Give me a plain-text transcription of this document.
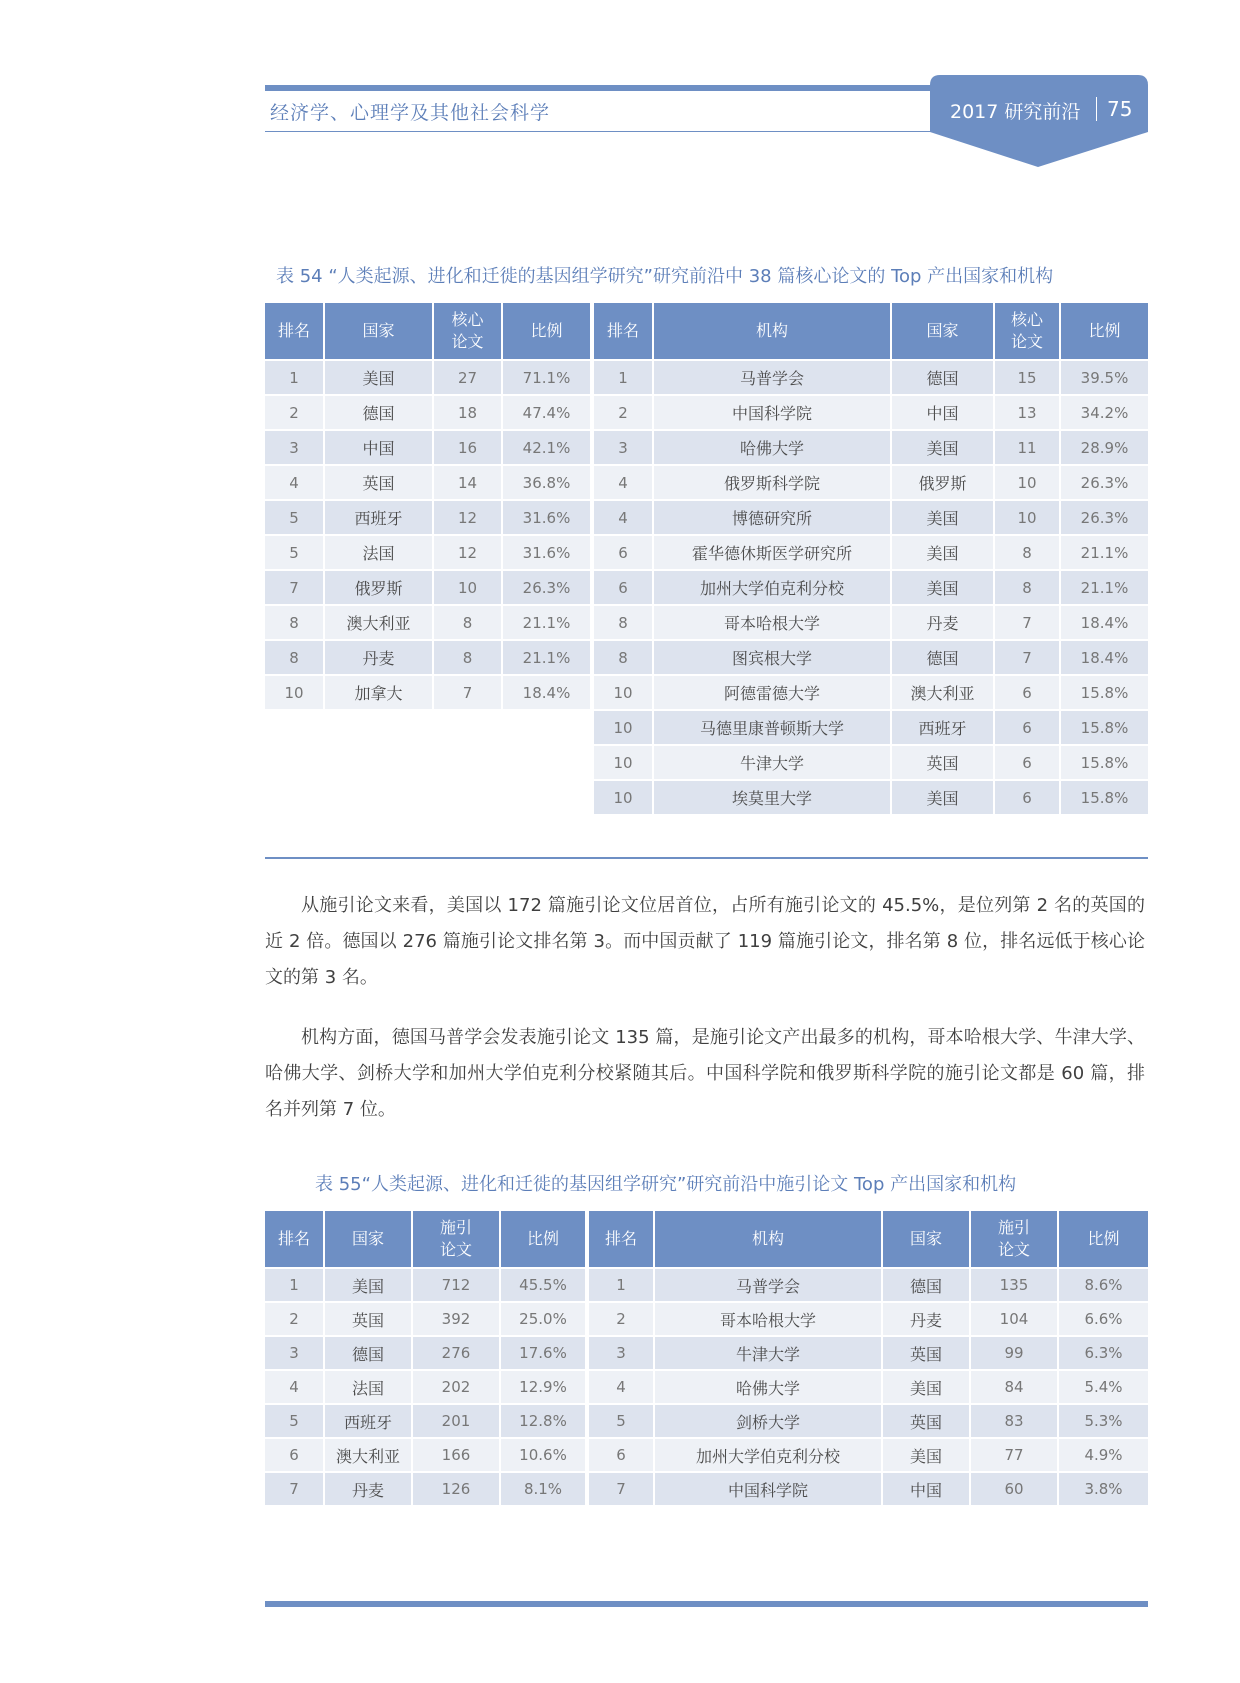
经济学、心理学及其他社会科学	2017 研究前沿 75
表 54 “人类起源、进化和迁徙的基因组学研究”研究前沿中 38 篇核心论文的 Top 产出国家和机构
排名	国家	核心论文	比例	排名	机构	国家	核心论文	比例
1	美国	27	71.1%	1	马普学会	德国	15	39.5%
2	德国	18	47.4%	2	中国科学院	中国	13	34.2%
3	中国	16	42.1%	3	哈佛大学	美国	11	28.9%
4	英国	14	36.8%	4	俄罗斯科学院	俄罗斯	10	26.3%
5	西班牙	12	31.6%	4	博德研究所	美国	10	26.3%
5	法国	12	31.6%	6	霍华德休斯医学研究所	美国	8	21.1%
7	俄罗斯	10	26.3%	6	加州大学伯克利分校	美国	8	21.1%
8	澳大利亚	8	21.1%	8	哥本哈根大学	丹麦	7	18.4%
8	丹麦	8	21.1%	8	图宾根大学	德国	7	18.4%
10	加拿大	7	18.4%	10	阿德雷德大学	澳大利亚	6	15.8%
				10	马德里康普顿斯大学	西班牙	6	15.8%
				10	牛津大学	英国	6	15.8%
				10	埃莫里大学	美国	6	15.8%
从施引论文来看，美国以 172 篇施引论文位居首位，占所有施引论文的 45.5%，是位列第 2 名的英国的近 2 倍。德国以 276 篇施引论文排名第 3。而中国贡献了 119 篇施引论文，排名第 8 位，排名远低于核心论文的第 3 名。
机构方面，德国马普学会发表施引论文 135 篇，是施引论文产出最多的机构，哥本哈根大学、牛津大学、哈佛大学、剑桥大学和加州大学伯克利分校紧随其后。中国科学院和俄罗斯科学院的施引论文都是 60 篇，排名并列第 7 位。
表 55“人类起源、进化和迁徙的基因组学研究”研究前沿中施引论文 Top 产出国家和机构
排名	国家	施引论文	比例	排名	机构	国家	施引论文	比例
1	美国	712	45.5%	1	马普学会	德国	135	8.6%
2	英国	392	25.0%	2	哥本哈根大学	丹麦	104	6.6%
3	德国	276	17.6%	3	牛津大学	英国	99	6.3%
4	法国	202	12.9%	4	哈佛大学	美国	84	5.4%
5	西班牙	201	12.8%	5	剑桥大学	英国	83	5.3%
6	澳大利亚	166	10.6%	6	加州大学伯克利分校	美国	77	4.9%
7	丹麦	126	8.1%	7	中国科学院	中国	60	3.8%
